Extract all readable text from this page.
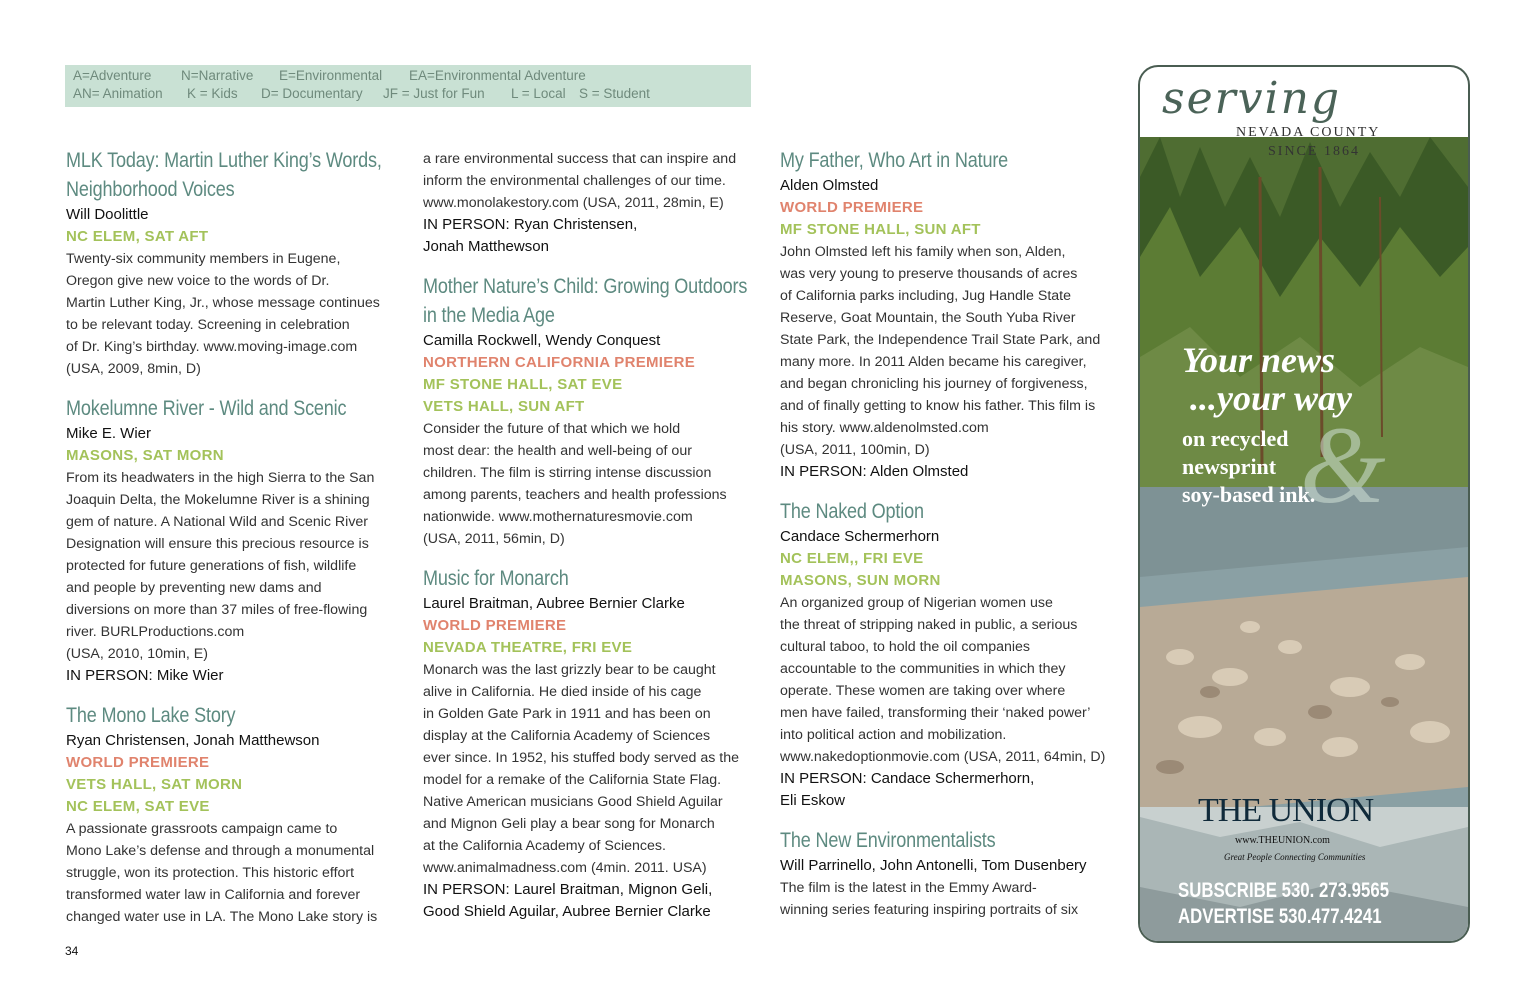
A=Adventure N=Narrative E=Environmental EA=Environmental Adventure
AN= Animation K = Kids D= Documentary JF = Just for Fun L = Local S = Student
MLK Today: Martin Luther King’s Words,
Neighborhood Voices
Will Doolittle
NC ELEM, SAT AFT
Twenty-six community members in Eugene,
Oregon give new voice to the words of Dr.
Martin Luther King, Jr., whose message continues
to be relevant today. Screening in celebration
of Dr. King’s birthday. www.moving-image.com
(USA, 2009, 8min, D)
Mokelumne River - Wild and Scenic
Mike E. Wier
MASONS, SAT MORN
From its headwaters in the high Sierra to the San
Joaquin Delta, the Mokelumne River is a shining
gem of nature. A National Wild and Scenic River
Designation will ensure this precious resource is
protected for future generations of fish, wildlife
and people by preventing new dams and
diversions on more than 37 miles of free-flowing
river. BURLProductions.com
(USA, 2010, 10min, E)
IN PERSON: Mike Wier
The Mono Lake Story
Ryan Christensen, Jonah Matthewson
WORLD PREMIERE
VETS HALL, SAT MORN
NC ELEM, SAT EVE
A passionate grassroots campaign came to
Mono Lake’s defense and through a monumental
struggle, won its protection. This historic effort
transformed water law in California and forever
changed water use in LA. The Mono Lake story is
a rare environmental success that can inspire and
inform the environmental challenges of our time.
www.monolakestory.com (USA, 2011, 28min, E)
IN PERSON: Ryan Christensen,
Jonah Matthewson
Mother Nature’s Child: Growing Outdoors
in the Media Age
Camilla Rockwell, Wendy Conquest
NORTHERN CALIFORNIA PREMIERE
MF STONE HALL, SAT EVE
VETS HALL, SUN AFT
Consider the future of that which we hold
most dear: the health and well-being of our
children. The film is stirring intense discussion
among parents, teachers and health professions
nationwide. www.mothernaturesmovie.com
(USA, 2011, 56min, D)
Music for Monarch
Laurel Braitman, Aubree Bernier Clarke
WORLD PREMIERE
NEVADA THEATRE, FRI EVE
Monarch was the last grizzly bear to be caught
alive in California. He died inside of his cage
in Golden Gate Park in 1911 and has been on
display at the California Academy of Sciences
ever since. In 1952, his stuffed body served as the
model for a remake of the California State Flag.
Native American musicians Good Shield Aguilar
and Mignon Geli play a bear song for Monarch
at the California Academy of Sciences.
www.animalmadness.com (4min. 2011. USA)
IN PERSON: Laurel Braitman, Mignon Geli,
Good Shield Aguilar, Aubree Bernier Clarke
My Father, Who Art in Nature
Alden Olmsted
WORLD PREMIERE
MF STONE HALL, SUN AFT
John Olmsted left his family when son, Alden,
was very young to preserve thousands of acres
of California parks including, Jug Handle State
Reserve, Goat Mountain, the South Yuba River
State Park, the Independence Trail State Park, and
many more. In 2011 Alden became his caregiver,
and began chronicling his journey of forgiveness,
and of finally getting to know his father. This film is
his story. www.aldenolmsted.com
(USA, 2011, 100min, D)
IN PERSON: Alden Olmsted
The Naked Option
Candace Schermerhorn
NC ELEM,, FRI EVE
MASONS, SUN MORN
An organized group of Nigerian women use
the threat of stripping naked in public, a serious
cultural taboo, to hold the oil companies
accountable to the communities in which they
operate. These women are taking over where
men have failed, transforming their ‘naked power’
into political action and mobilization.
www.nakedoptionmovie.com (USA, 2011, 64min, D)
IN PERSON: Candace Schermerhorn,
Eli Eskow
The New Environmentalists
Will Parrinello, John Antonelli, Tom Dusenbery
The film is the latest in the Emmy Award-
winning series featuring inspiring portraits of six
34
serving
NEVADA COUNTY
SINCE 1864
&
Your news
...your way
on recycled
newsprint
soy-based ink.
THE UNION
www.THEUNION.com
Great People Connecting Communities
SUBSCRIBE 530. 273.9565
ADVERTISE 530.477.4241
